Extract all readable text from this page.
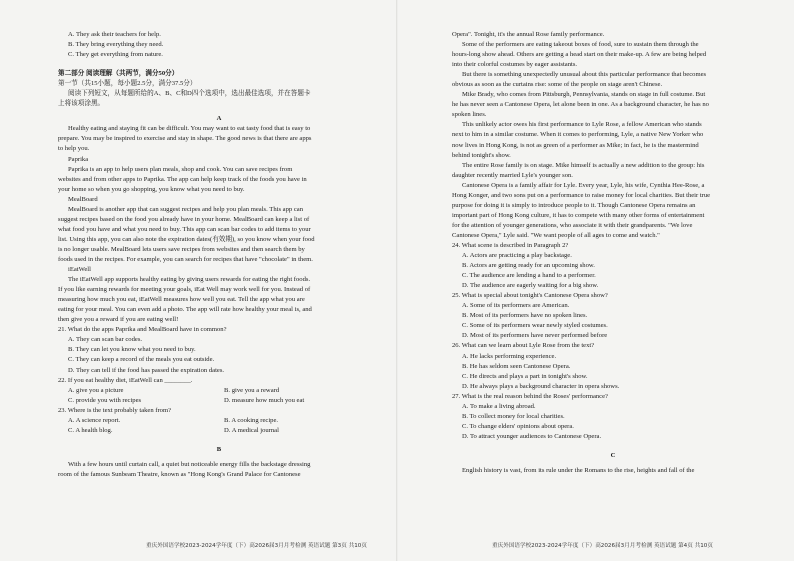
A. They ask their teachers for help.
B. They bring everything they need.
C. They get everything from nature.
第二部分 阅读理解（共两节，满分50分）
第一节（共15小题，每小题2.5分，满分37.5分）
阅读下列短文，从每题所给的A、B、C和D四个选项中，选出最佳选项，并在答题卡
上将该项涂黑。
A
Healthy eating and staying fit can be difficult. You may want to eat tasty food that is easy to
prepare. You may be inspired to exercise and stay in shape. The good news is that there are apps
to help you.
Paprika
Paprika is an app to help users plan meals, shop and cook. You can save recipes from
websites and from other apps to Paprika. The app can help keep track of the foods you have in
your home so when you go shopping, you know what you need to buy.
MealBoard
MealBoard is another app that can suggest recipes and help you plan meals. This app can
suggest recipes based on the food you already have in your home. MealBoard can keep a list of
what food you have and what you need to buy. This app can scan bar codes to add items to your
list. Using this app, you can also note the expiration dates(有效期), so you know when your food
is no longer usable. MealBoard lets users save recipes from websites and then search them by
foods used in the recipes. For example, you can search for recipes that have "chocolate" in them.
iEatWell
The iEatWell app supports healthy eating by giving users rewards for eating the right foods.
If you like earning rewards for meeting your goals, iEat Well may work well for you. Instead of
measuring how much you eat, iEatWell measures how well you eat. Tell the app what you are
eating for your meal. You can even add a photo. The app will rate how healthy your meal is, and
then give you a reward if you are eating well!
21. What do the apps Paprika and MealBoard have in common?
A. They can scan bar codes.
B. They can let you know what you need to buy.
C. They can keep a record of the meals you eat outside.
D. They can tell if the food has passed the expiration dates.
22. If you eat healthy diet, iEatWell can ________.
A. give you a picture	B. give you a reward
C. provide you with recipes	D. measure how much you eat
23. Where is the text probably taken from?
A. A science report.	B. A cooking recipe.
C. A health blog.	D. A medical journal
B
With a few hours until curtain call, a quiet but noticeable energy fills the backstage dressing
room of the famous Sunbeam Theatre, known as "Hong Kong's Grand Palace for Cantonese
Opera". Tonight, it's the annual Rose family performance.
Some of the performers are eating takeout boxes of food, sure to sustain them through the
hours-long show ahead. Others are getting a head start on their make-up. A few are being helped
into their colorful costumes by eager assistants.
But there is something unexpectedly unusual about this particular performance that becomes
obvious as soon as the curtains rise: some of the people on stage aren't Chinese.
Mike Brady, who comes from Pittsburgh, Pennsylvania, stands on stage in full costume. But
he has never seen a Cantonese Opera, let alone been in one. As a background character, he has no
spoken lines.
This unlikely actor owes his first performance to Lyle Rose, a fellow American who stands
next to him in a similar costume. When it comes to performing, Lyle, a native New Yorker who
now lives in Hong Kong, is not as green of a performer as Mike; in fact, he is the mastermind
behind tonight's show.
The entire Rose family is on stage. Mike himself is actually a new addition to the group: his
daughter recently married Lyle's younger son.
Cantonese Opera is a family affair for Lyle. Every year, Lyle, his wife, Cynthia Hee-Rose, a
Hong Konger, and two sons put on a performance to raise money for local charities. But their true
purpose for doing it is simply to introduce people to it. Though Cantonese Opera remains an
important part of Hong Kong culture, it has to compete with many other forms of entertainment
for the attention of younger generations, who associate it with their grandparents. "We love
Cantonese Opera," Lyle said. "We want people of all ages to come and watch."
24. What scene is described in Paragraph 2?
A. Actors are practicing a play backstage.
B. Actors are getting ready for an upcoming show.
C. The audience are lending a hand to a performer.
D. The audience are eagerly waiting for a big show.
25. What is special about tonight's Cantonese Opera show?
A. Some of its performers are American.
B. Most of its performers have no spoken lines.
C. Some of its performers wear newly styled costumes.
D. Most of its performers have never performed before
26. What can we learn about Lyle Rose from the text?
A. He lacks performing experience.
B. He has seldom seen Cantonese Opera.
C. He directs and plays a part in tonight's show.
D. He always plays a background character in opera shows.
27. What is the real reason behind the Roses' performance?
A. To make a living abroad.
B. To collect money for local charities.
C. To change elders' opinions about opera.
D. To attract younger audiences to Cantonese Opera.
C
English history is vast, from its rule under the Romans to the rise, heights and fall of the
重庆外国语学校2023-2024学年度（下）高2026届3月月考检测 英语试题 第3页 共10页	重庆外国语学校2023-2024学年度（下）高2026届3月月考检测 英语试题 第4页 共10页
